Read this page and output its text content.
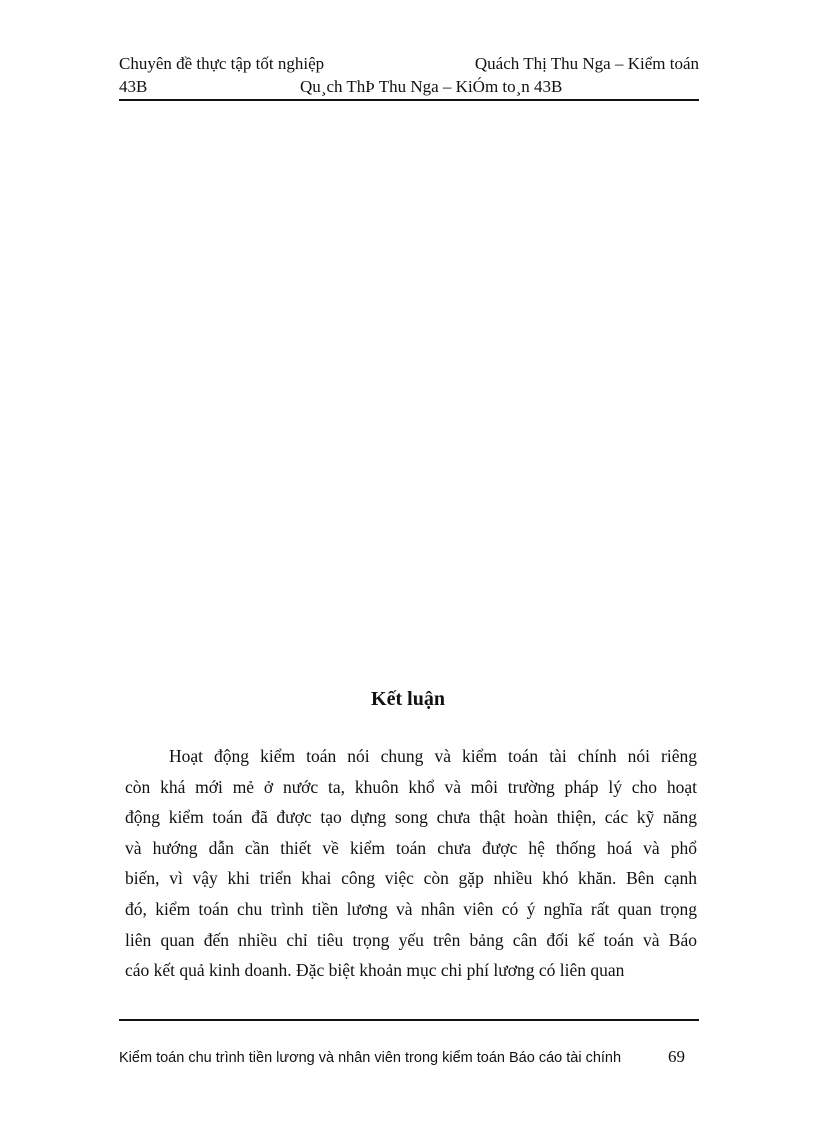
Chuyên đề thực tập tốt nghiệp	Quách Thị Thu Nga – Kiểm toán
43B	Qu¸ch ThÞ Thu Nga – KiÓm to¸n 43B
Kết luận
Hoạt động kiểm toán nói chung và kiểm toán tài chính nói riêng
còn khá mới mẻ ở nước ta, khuôn khổ và môi trường pháp lý cho hoạt
động kiểm toán đã được tạo dựng song chưa thật hoàn thiện, các kỹ năng
và hướng dẫn cần thiết về kiểm toán chưa được hệ thống hoá và phổ
biến, vì vậy khi triển khai công việc còn gặp nhiều khó khăn. Bên cạnh
đó, kiểm toán chu trình tiền lương và nhân viên có ý nghĩa rất quan trọng
liên quan đến nhiều chỉ tiêu trọng yếu trên bảng cân đối kế toán và Báo
cáo kết quả kinh doanh. Đặc biệt khoản mục chi phí lương có liên quan
Kiểm toán chu trình tiền lương và nhân viên trong kiểm toán Báo cáo tài chính	69
